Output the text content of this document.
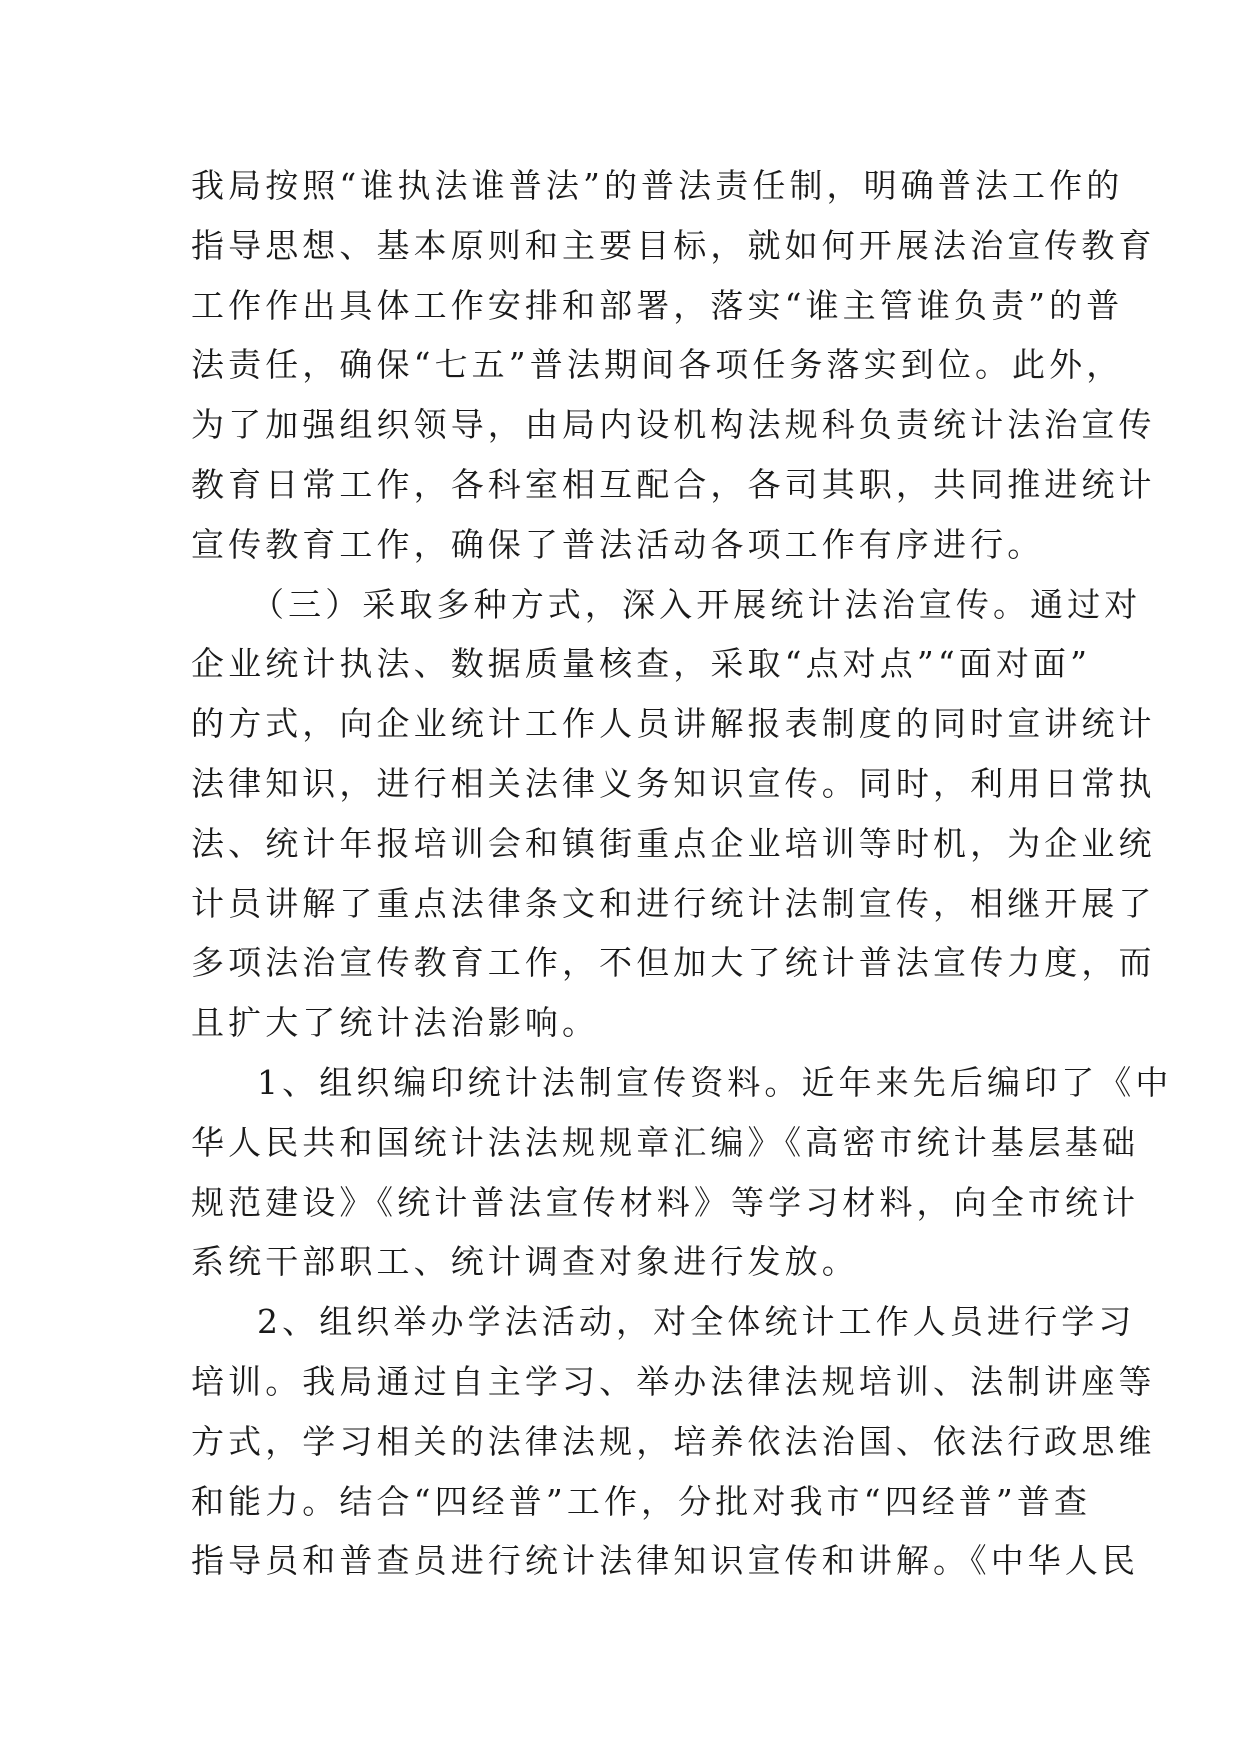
我局按照“谁执法谁普法”的普法责任制，明确普法工作的
指导思想、基本原则和主要目标，就如何开展法治宣传教育
工作作出具体工作安排和部署，落实“谁主管谁负责”的普
法责任，确保“七五”普法期间各项任务落实到位。此外，
为了加强组织领导，由局内设机构法规科负责统计法治宣传
教育日常工作，各科室相互配合，各司其职，共同推进统计
宣传教育工作，确保了普法活动各项工作有序进行。
（三）采取多种方式，深入开展统计法治宣传。通过对
企业统计执法、数据质量核查，采取“点对点”“面对面”
的方式，向企业统计工作人员讲解报表制度的同时宣讲统计
法律知识，进行相关法律义务知识宣传。同时，利用日常执
法、统计年报培训会和镇街重点企业培训等时机，为企业统
计员讲解了重点法律条文和进行统计法制宣传，相继开展了
多项法治宣传教育工作，不但加大了统计普法宣传力度，而
且扩大了统计法治影响。
1、组织编印统计法制宣传资料。近年来先后编印了《中
华人民共和国统计法法规规章汇编》《高密市统计基层基础
规范建设》《统计普法宣传材料》等学习材料，向全市统计
系统干部职工、统计调查对象进行发放。
2、组织举办学法活动，对全体统计工作人员进行学习
培训。我局通过自主学习、举办法律法规培训、法制讲座等
方式，学习相关的法律法规，培养依法治国、依法行政思维
和能力。结合“四经普”工作，分批对我市“四经普”普查
指导员和普查员进行统计法律知识宣传和讲解。《中华人民
